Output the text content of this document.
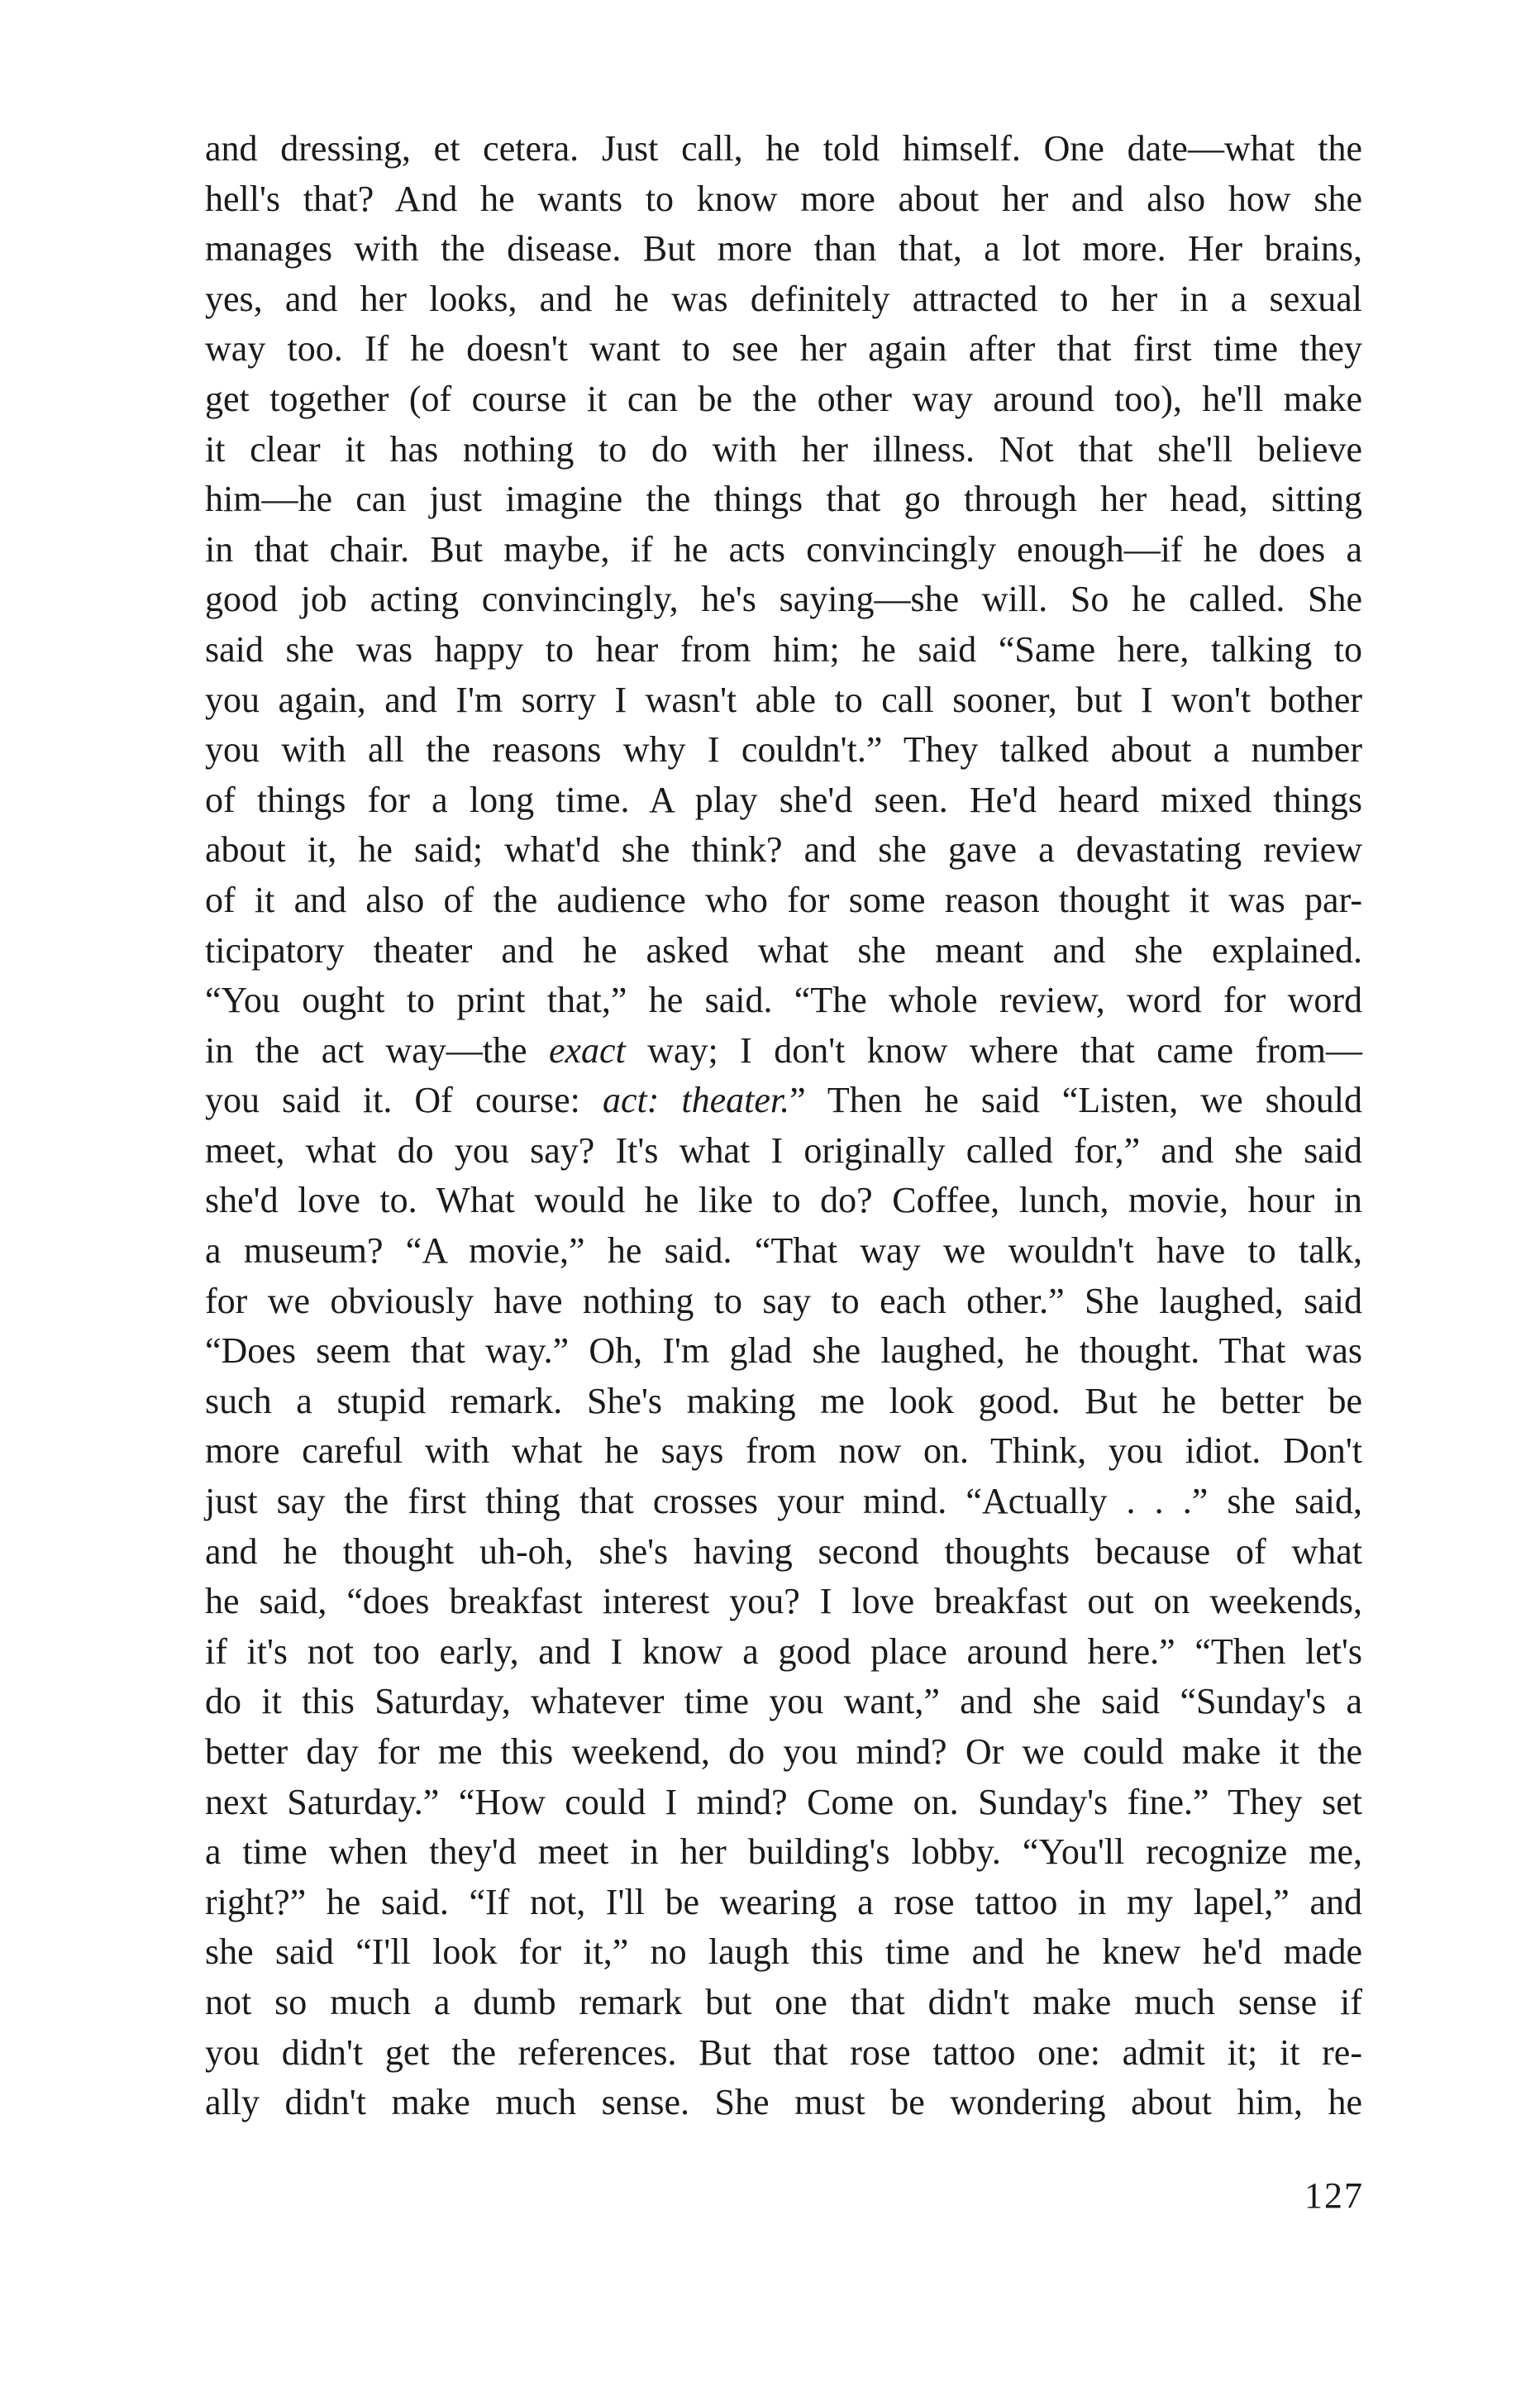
and dressing, et cetera. Just call, he told himself. One date—what the
hell's that? And he wants to know more about her and also how she
manages with the disease. But more than that, a lot more. Her brains,
yes, and her looks, and he was definitely attracted to her in a sexual
way too. If he doesn't want to see her again after that first time they
get together (of course it can be the other way around too), he'll make
it clear it has nothing to do with her illness. Not that she'll believe
him—he can just imagine the things that go through her head, sitting
in that chair. But maybe, if he acts convincingly enough—if he does a
good job acting convincingly, he's saying—she will. So he called. She
said she was happy to hear from him; he said “Same here, talking to
you again, and I'm sorry I wasn't able to call sooner, but I won't bother
you with all the reasons why I couldn't.” They talked about a number
of things for a long time. A play she'd seen. He'd heard mixed things
about it, he said; what'd she think? and she gave a devastating review
of it and also of the audience who for some reason thought it was par-
ticipatory theater and he asked what she meant and she explained.
“You ought to print that,” he said. “The whole review, word for word
in the act way—the exact way; I don't know where that came from—
you said it. Of course: act: theater.” Then he said “Listen, we should
meet, what do you say? It's what I originally called for,” and she said
she'd love to. What would he like to do? Coffee, lunch, movie, hour in
a museum? “A movie,” he said. “That way we wouldn't have to talk,
for we obviously have nothing to say to each other.” She laughed, said
“Does seem that way.” Oh, I'm glad she laughed, he thought. That was
such a stupid remark. She's making me look good. But he better be
more careful with what he says from now on. Think, you idiot. Don't
just say the first thing that crosses your mind. “Actually . . .” she said,
and he thought uh-oh, she's having second thoughts because of what
he said, “does breakfast interest you? I love breakfast out on weekends,
if it's not too early, and I know a good place around here.” “Then let's
do it this Saturday, whatever time you want,” and she said “Sunday's a
better day for me this weekend, do you mind? Or we could make it the
next Saturday.” “How could I mind? Come on. Sunday's fine.” They set
a time when they'd meet in her building's lobby. “You'll recognize me,
right?” he said. “If not, I'll be wearing a rose tattoo in my lapel,” and
she said “I'll look for it,” no laugh this time and he knew he'd made
not so much a dumb remark but one that didn't make much sense if
you didn't get the references. But that rose tattoo one: admit it; it re-
ally didn't make much sense. She must be wondering about him, he
127
